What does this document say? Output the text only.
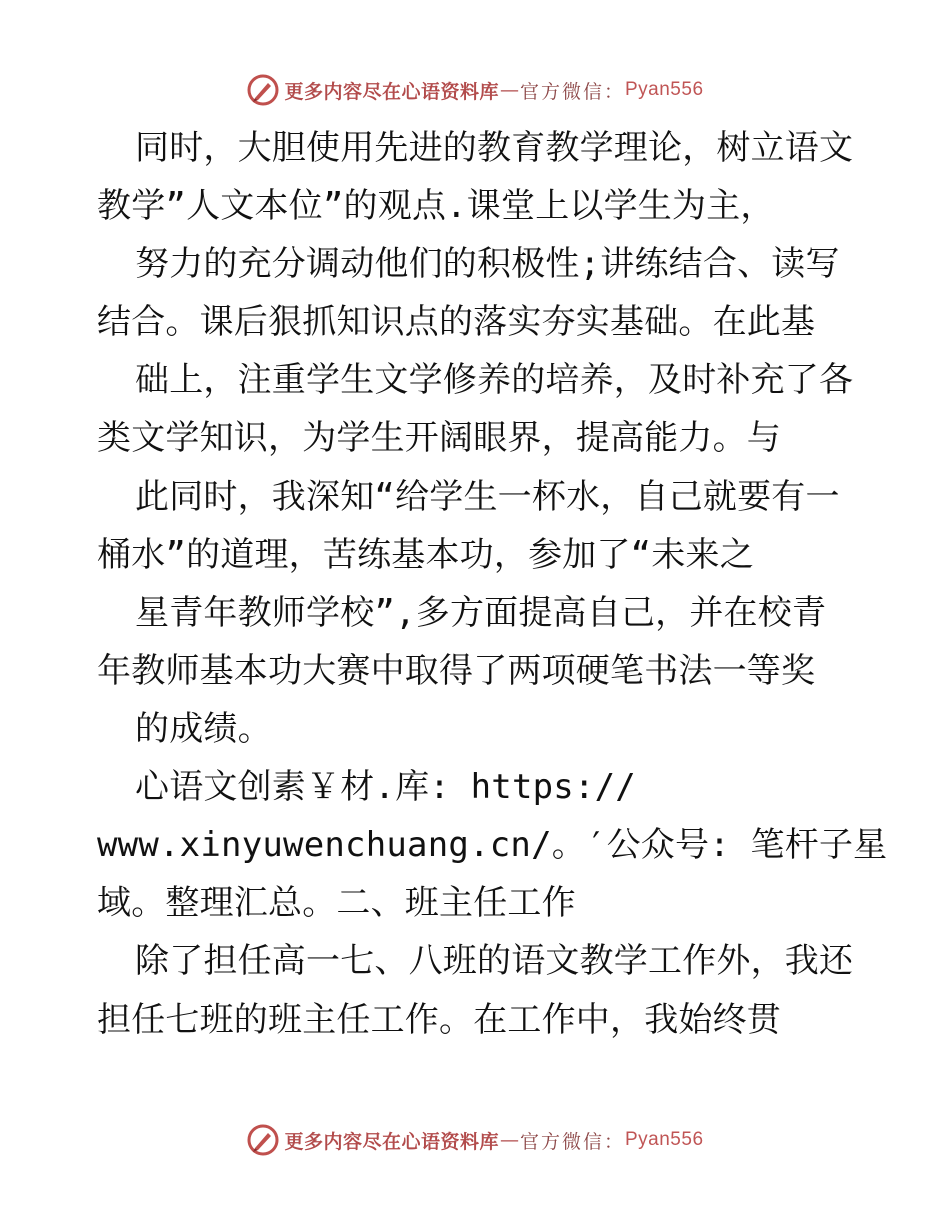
更多内容尽在心语资料库 — 官方微信： Pyan556
同时，大胆使用先进的教育教学理论，树立语文
教学”人文本位”的观点.课堂上以学生为主，
努力的充分调动他们的积极性;讲练结合、读写
结合。课后狠抓知识点的落实夯实基础。在此基
础上，注重学生文学修养的培养，及时补充了各
类文学知识，为学生开阔眼界，提高能力。与
此同时，我深知“给学生一杯水，自己就要有一
桶水”的道理，苦练基本功，参加了“未来之
星青年教师学校”,多方面提高自己，并在校青
年教师基本功大赛中取得了两项硬笔书法一等奖
的成绩。
心语文创素￥材.库: https://
www.xinyuwenchuang.cn/。′公众号: 笔杆子星
域。整理汇总。二、班主任工作
除了担任高一七、八班的语文教学工作外，我还
担任七班的班主任工作。在工作中，我始终贯
更多内容尽在心语资料库 — 官方微信： Pyan556
